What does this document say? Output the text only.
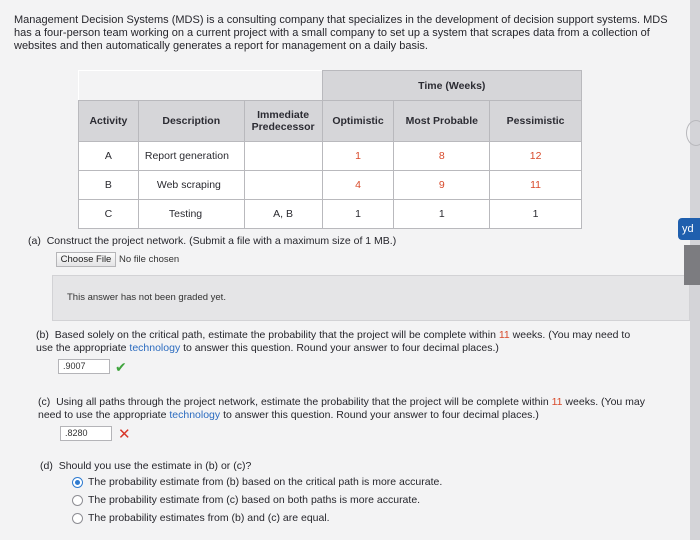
Management Decision Systems (MDS) is a consulting company that specializes in the development of decision support systems. MDS has a four-person team working on a current project with a small company to set up a system that scrapes data from a collection of websites and then automatically generates a report for management on a daily basis.
			Time (Weeks)		
Activity	Description	Immediate Predecessor	Optimistic	Most Probable	Pessimistic
A	Report generation		1	8	12
B	Web scraping		4	9	11
C	Testing	A, B	1	1	1
(a) Construct the project network. (Submit a file with a maximum size of 1 MB.)
Choose File No file chosen
This answer has not been graded yet.
(b) Based solely on the critical path, estimate the probability that the project will be complete within 11 weeks. (You may need to use the appropriate technology to answer this question. Round your answer to four decimal places.)
.9007	✔
(c) Using all paths through the project network, estimate the probability that the project will be complete within 11 weeks. (You may need to use the appropriate technology to answer this question. Round your answer to four decimal places.)
.8280	✕
(d) Should you use the estimate in (b) or (c)?
The probability estimate from (b) based on the critical path is more accurate.
The probability estimate from (c) based on both paths is more accurate.
The probability estimates from (b) and (c) are equal.
yd
